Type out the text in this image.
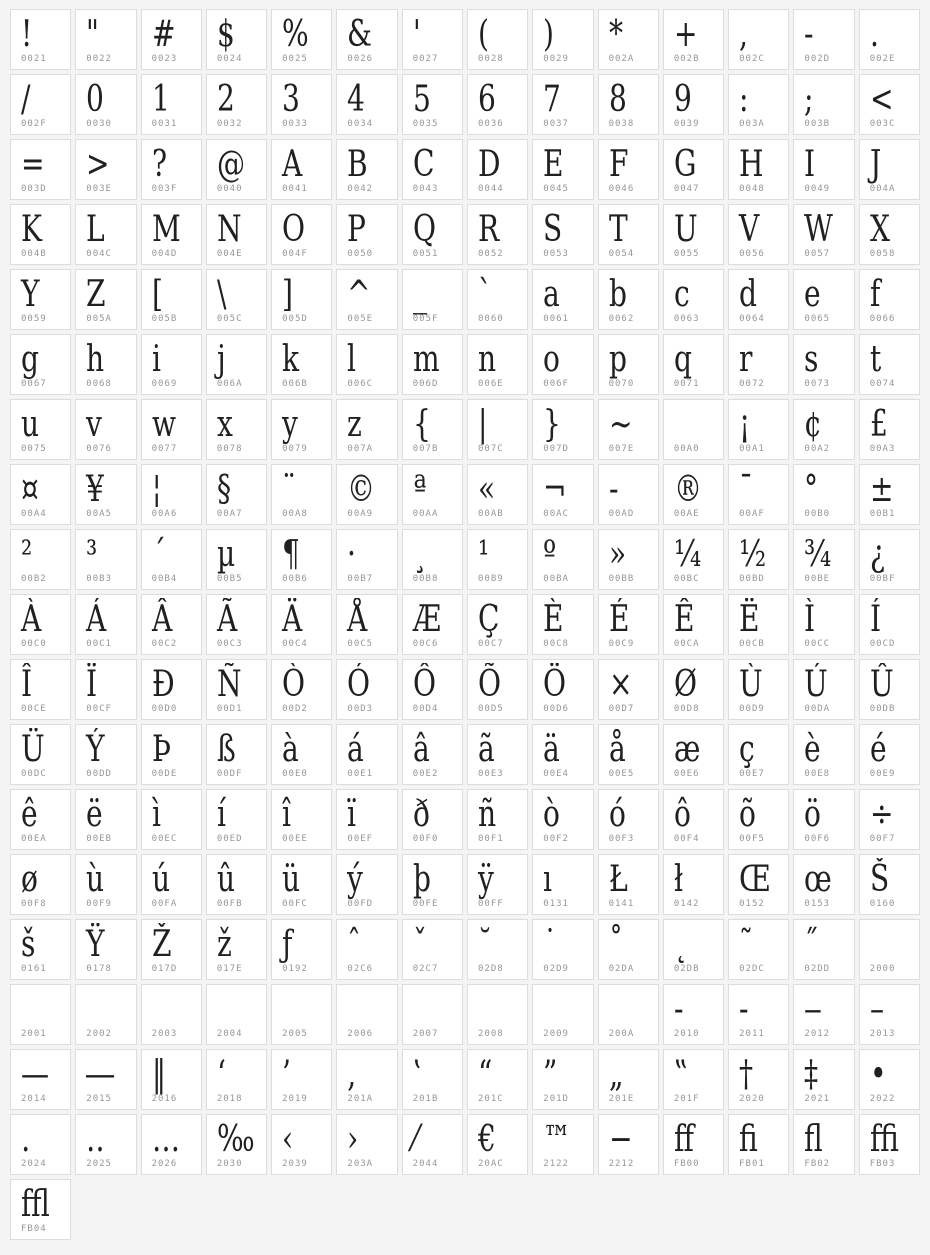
!
0021
"
0022
#
0023
$
0024
%
0025
&
0026
'
0027
(
0028
)
0029
*
002A
+
002B
,
002C
-
002D
.
002E
/
002F
0
0030
1
0031
2
0032
3
0033
4
0034
5
0035
6
0036
7
0037
8
0038
9
0039
:
003A
;
003B
<
003C
=
003D
>
003E
?
003F
@
0040
A
0041
B
0042
C
0043
D
0044
E
0045
F
0046
G
0047
H
0048
I
0049
J
004A
K
004B
L
004C
M
004D
N
004E
O
004F
P
0050
Q
0051
R
0052
S
0053
T
0054
U
0055
V
0056
W
0057
X
0058
Y
0059
Z
005A
[
005B
\
005C
]
005D
^
005E
_
005F
`
0060
a
0061
b
0062
c
0063
d
0064
e
0065
f
0066
g
0067
h
0068
i
0069
j
006A
k
006B
l
006C
m
006D
n
006E
o
006F
p
0070
q
0071
r
0072
s
0073
t
0074
u
0075
v
0076
w
0077
x
0078
y
0079
z
007A
{
007B
|
007C
}
007D
~
007E	00A0
¡
00A1
¢
00A2
£
00A3
¤
00A4
¥
00A5
¦
00A6
§
00A7
¨
00A8
©
00A9
ª
00AA
«
00AB
¬
00AC
-
00AD
®
00AE
¯
00AF
°
00B0
±
00B1
²
00B2
³
00B3
´
00B4
µ
00B5
¶
00B6
·
00B7
¸
00B8
¹
00B9
º
00BA
»
00BB
¼
00BC
½
00BD
¾
00BE
¿
00BF
À
00C0
Á
00C1
Â
00C2
Ã
00C3
Ä
00C4
Å
00C5
Æ
00C6
Ç
00C7
È
00C8
É
00C9
Ê
00CA
Ë
00CB
Ì
00CC
Í
00CD
Î
00CE
Ï
00CF
Ð
00D0
Ñ
00D1
Ò
00D2
Ó
00D3
Ô
00D4
Õ
00D5
Ö
00D6
×
00D7
Ø
00D8
Ù
00D9
Ú
00DA
Û
00DB
Ü
00DC
Ý
00DD
Þ
00DE
ß
00DF
à
00E0
á
00E1
â
00E2
ã
00E3
ä
00E4
å
00E5
æ
00E6
ç
00E7
è
00E8
é
00E9
ê
00EA
ë
00EB
ì
00EC
í
00ED
î
00EE
ï
00EF
ð
00F0
ñ
00F1
ò
00F2
ó
00F3
ô
00F4
õ
00F5
ö
00F6
÷
00F7
ø
00F8
ù
00F9
ú
00FA
û
00FB
ü
00FC
ý
00FD
þ
00FE
ÿ
00FF
ı
0131
Ł
0141
ł
0142
Œ
0152
œ
0153
Š
0160
š
0161
Ÿ
0178
Ž
017D
ž
017E
ƒ
0192
ˆ
02C6
ˇ
02C7
˘
02D8
˙
02D9
˚
02DA
˛
02DB
˜
02DC
˝
02DD	2000
2001	2002	2003	2004	2005	2006	2007	2008	2009	200A
‐
2010
‑
2011
‒
2012
–
2013
—
2014
―
2015
‖
2016
‘
2018
’
2019
‚
201A
‛
201B
“
201C
”
201D
„
201E
‟
201F
†
2020
‡
2021
•
2022
․
2024
‥
2025
…
2026
‰
2030
‹
2039
›
203A
⁄
2044
€
20AC
™
2122
−
2212
ﬀ
FB00
ﬁ
FB01
ﬂ
FB02
ﬃ
FB03
ﬄ
FB04
